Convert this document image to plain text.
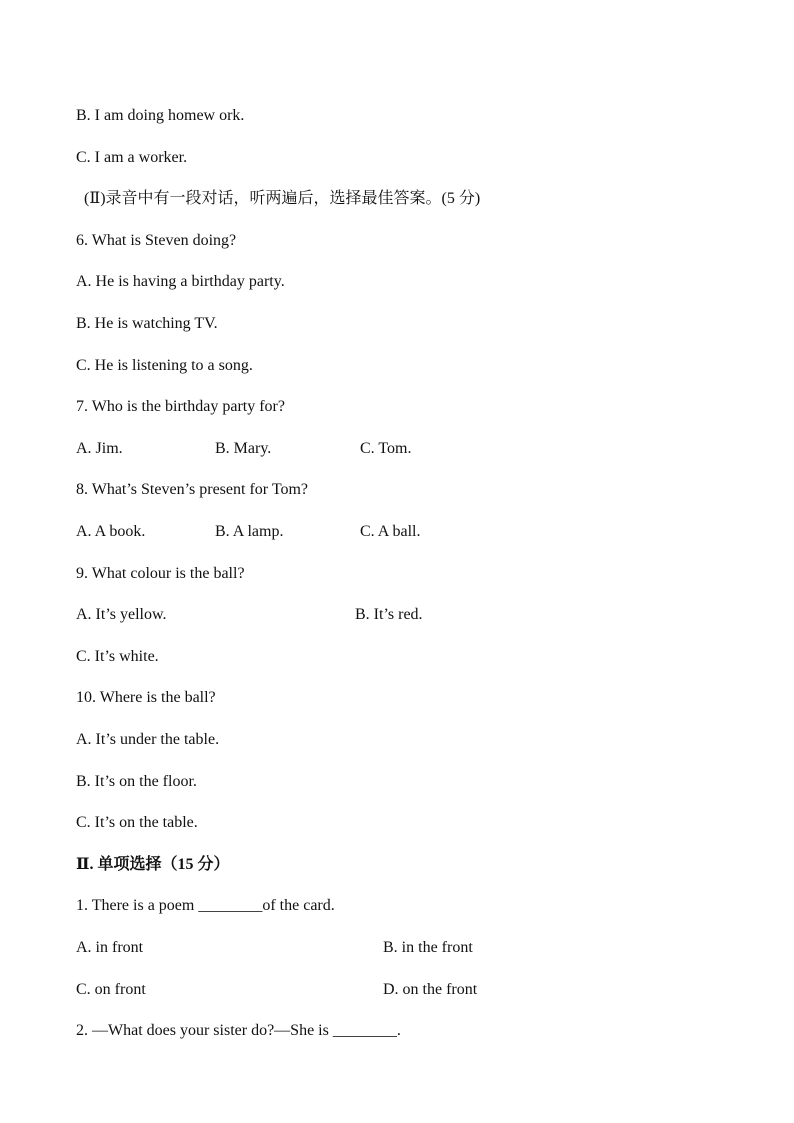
B. I am doing homew ork.
C. I am a worker.
(Ⅱ)录音中有一段对话，听两遍后，选择最佳答案。(5 分)
6. What is Steven doing?
A. He is having a birthday party.
B. He is watching TV.
C. He is listening to a song.
7. Who is the birthday party for?
A. Jim.	B. Mary.	C. Tom.
8. What’s Steven’s present for Tom?
A. A book.	B. A lamp.	C. A ball.
9. What colour is the ball?
A. It’s yellow.	B. It’s red.
C. It’s white.
10. Where is the ball?
A. It’s under the table.
B. It’s on the floor.
C. It’s on the table.
Ⅱ. 单项选择（15 分）
1. There is a poem ________of the card.
A. in front	B. in the front
C. on front	D. on the front
2. —What does your sister do?—She is ________.
